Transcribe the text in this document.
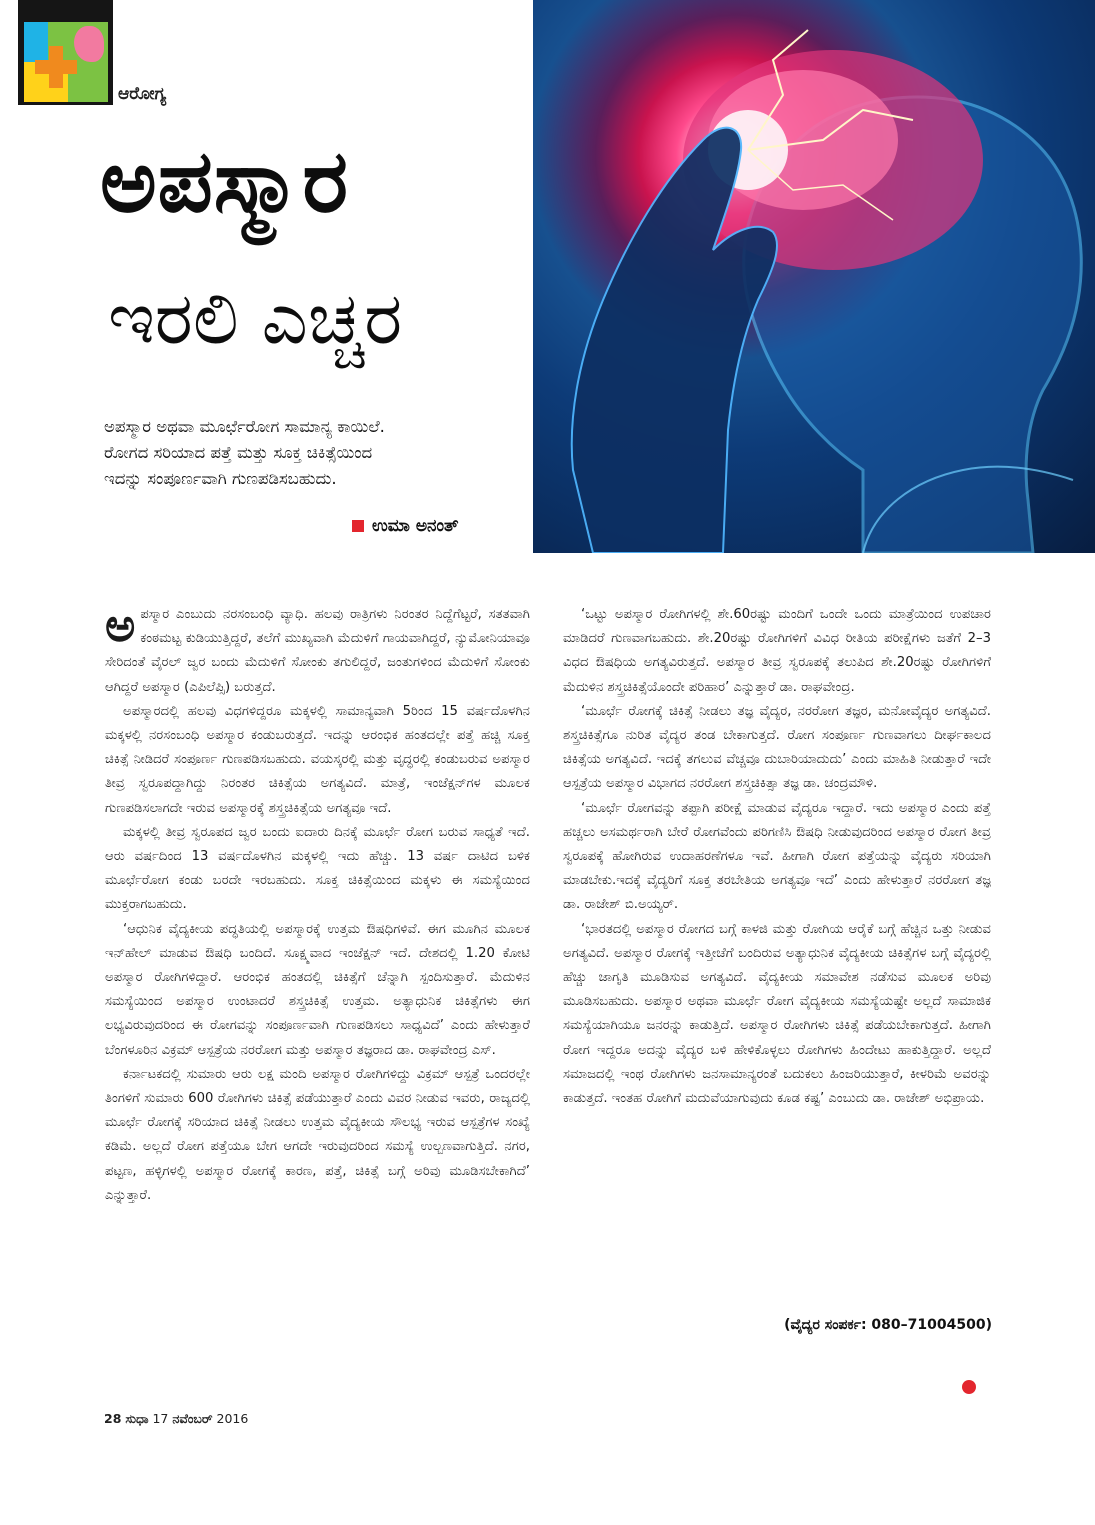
ಆರೋಗ್ಯ
ಅಪಸ್ಮಾರ
ಇರಲಿ ಎಚ್ಚರ

ಅಪಸ್ಮಾರ ಅಥವಾ ಮೂರ್ಛೆರೋಗ ಸಾಮಾನ್ಯ ಕಾಯಿಲೆ.

ರೋಗದ ಸರಿಯಾದ ಪತ್ತೆ ಮತ್ತು ಸೂಕ್ತ ಚಿಕಿತ್ಸೆಯಿಂದ

ಇದನ್ನು ಸಂಪೂರ್ಣವಾಗಿ ಗುಣಪಡಿಸಬಹುದು.

ಉಮಾ ಅನಂತ್

ಅಪಸ್ಮಾರ ಎಂಬುದು ನರಸಂಬಂಧಿ ವ್ಯಾಧಿ. ಹಲವು ರಾತ್ರಿಗಳು ನಿರಂತರ ನಿದ್ದೆಗೆಟ್ಟರೆ, ಸತತವಾಗಿ ಕಂಠಮಟ್ಟ ಕುಡಿಯುತ್ತಿದ್ದರೆ, ತಲೆಗೆ ಮುಖ್ಯವಾಗಿ ಮೆದುಳಿಗೆ ಗಾಯವಾಗಿದ್ದರೆ, ನ್ಯುಮೋನಿಯಾವೂ ಸೇರಿದಂತೆ ವೈರಲ್ ಜ್ವರ ಬಂದು ಮೆದುಳಿಗೆ ಸೋಂಕು ತಗುಲಿದ್ದರೆ, ಜಂತುಗಳಿಂದ ಮೆದುಳಿಗೆ ಸೋಂಕು ಆಗಿದ್ದರೆ ಅಪಸ್ಮಾರ (ಎಪಿಲೆಪ್ಸಿ) ಬರುತ್ತದೆ.

ಅಪಸ್ಮಾರದಲ್ಲಿ ಹಲವು ವಿಧಗಳಿದ್ದರೂ ಮಕ್ಕಳಲ್ಲಿ ಸಾಮಾನ್ಯವಾಗಿ 5ರಿಂದ 15 ವರ್ಷದೊಳಗಿನ ಮಕ್ಕಳಲ್ಲಿ ನರಸಂಬಂಧಿ ಅಪಸ್ಮಾರ ಕಂಡುಬರುತ್ತದೆ. ಇದನ್ನು ಆರಂಭಿಕ ಹಂತದಲ್ಲೇ ಪತ್ತೆ ಹಚ್ಚಿ ಸೂಕ್ತ ಚಿಕಿತ್ಸೆ ನೀಡಿದರೆ ಸಂಪೂರ್ಣ ಗುಣಪಡಿಸಬಹುದು. ವಯಸ್ಕರಲ್ಲಿ ಮತ್ತು ವೃದ್ಧರಲ್ಲಿ ಕಂಡುಬರುವ ಅಪಸ್ಮಾರ ತೀವ್ರ ಸ್ವರೂಪದ್ದಾಗಿದ್ದು ನಿರಂತರ ಚಿಕಿತ್ಸೆಯ ಅಗತ್ಯವಿದೆ. ಮಾತ್ರೆ, ಇಂಜೆಕ್ಷನ್‌ಗಳ ಮೂಲಕ ಗುಣಪಡಿಸಲಾಗದೇ ಇರುವ ಅಪಸ್ಮಾರಕ್ಕೆ ಶಸ್ತ್ರಚಿಕಿತ್ಸೆಯ ಅಗತ್ಯವೂ ಇದೆ.

ಮಕ್ಕಳಲ್ಲಿ ತೀವ್ರ ಸ್ವರೂಪದ ಜ್ವರ ಬಂದು ಐದಾರು ದಿನಕ್ಕೆ ಮೂರ್ಛೆ ರೋಗ ಬರುವ ಸಾಧ್ಯತೆ ಇದೆ. ಆರು ವರ್ಷದಿಂದ 13 ವರ್ಷದೊಳಗಿನ ಮಕ್ಕಳಲ್ಲಿ ಇದು ಹೆಚ್ಚು. 13 ವರ್ಷ ದಾಟಿದ ಬಳಿಕ ಮೂರ್ಛೆರೋಗ ಕಂಡು ಬರದೇ ಇರಬಹುದು. ಸೂಕ್ತ ಚಿಕಿತ್ಸೆಯಿಂದ ಮಕ್ಕಳು ಈ ಸಮಸ್ಯೆಯಿಂದ ಮುಕ್ತರಾಗಬಹುದು.

‘ಆಧುನಿಕ ವೈದ್ಯಕೀಯ ಪದ್ಧತಿಯಲ್ಲಿ ಅಪಸ್ಮಾರಕ್ಕೆ ಉತ್ತಮ ಔಷಧಿಗಳಿವೆ. ಈಗ ಮೂಗಿನ ಮೂಲಕ ಇನ್‌ಹೇಲ್ ಮಾಡುವ ಔಷಧಿ ಬಂದಿದೆ. ಸೂಕ್ಷ್ಮವಾದ ಇಂಜೆಕ್ಷನ್ ಇದೆ. ದೇಶದಲ್ಲಿ 1.20 ಕೋಟಿ ಅಪಸ್ಮಾರ ರೋಗಿಗಳಿದ್ದಾರೆ. ಆರಂಭಿಕ ಹಂತದಲ್ಲಿ ಚಿಕಿತ್ಸೆಗೆ ಚೆನ್ನಾಗಿ ಸ್ಪಂದಿಸುತ್ತಾರೆ. ಮೆದುಳಿನ ಸಮಸ್ಯೆಯಿಂದ ಅಪಸ್ಮಾರ ಉಂಟಾದರೆ ಶಸ್ತ್ರಚಿಕಿತ್ಸೆ ಉತ್ತಮ. ಅತ್ಯಾಧುನಿಕ ಚಿಕಿತ್ಸೆಗಳು ಈಗ ಲಭ್ಯವಿರುವುದರಿಂದ ಈ ರೋಗವನ್ನು ಸಂಪೂರ್ಣವಾಗಿ ಗುಣಪಡಿಸಲು ಸಾಧ್ಯವಿದೆ’ ಎಂದು ಹೇಳುತ್ತಾರೆ ಬೆಂಗಳೂರಿನ ವಿಕ್ರಮ್ ಆಸ್ಪತ್ರೆಯ ನರರೋಗ ಮತ್ತು ಅಪಸ್ಮಾರ ತಜ್ಞರಾದ ಡಾ. ರಾಘವೇಂದ್ರ ಎಸ್.

ಕರ್ನಾಟಕದಲ್ಲಿ ಸುಮಾರು ಆರು ಲಕ್ಷ ಮಂದಿ ಅಪಸ್ಮಾರ ರೋಗಿಗಳಿದ್ದು ವಿಕ್ರಮ್ ಆಸ್ಪತ್ರೆ ಒಂದರಲ್ಲೇ ತಿಂಗಳಿಗೆ ಸುಮಾರು 600 ರೋಗಿಗಳು ಚಿಕಿತ್ಸೆ ಪಡೆಯುತ್ತಾರೆ ಎಂದು ವಿವರ ನೀಡುವ ಇವರು, ರಾಜ್ಯದಲ್ಲಿ ಮೂರ್ಛೆ ರೋಗಕ್ಕೆ ಸರಿಯಾದ ಚಿಕಿತ್ಸೆ ನೀಡಲು ಉತ್ತಮ ವೈದ್ಯಕೀಯ ಸೌಲಭ್ಯ ಇರುವ ಆಸ್ಪತ್ರೆಗಳ ಸಂಖ್ಯೆ ಕಡಿಮೆ. ಅಲ್ಲದೆ ರೋಗ ಪತ್ತೆಯೂ ಬೇಗ ಆಗದೇ ಇರುವುದರಿಂದ ಸಮಸ್ಯೆ ಉಲ್ಬಣವಾಗುತ್ತಿದೆ. ನಗರ, ಪಟ್ಟಣ, ಹಳ್ಳಿಗಳಲ್ಲಿ ಅಪಸ್ಮಾರ ರೋಗಕ್ಕೆ ಕಾರಣ, ಪತ್ತೆ, ಚಿಕಿತ್ಸೆ ಬಗ್ಗೆ ಅರಿವು ಮೂಡಿಸಬೇಕಾಗಿದೆ’ ಎನ್ನುತ್ತಾರೆ.

‘ಒಟ್ಟು ಅಪಸ್ಮಾರ ರೋಗಿಗಳಲ್ಲಿ ಶೇ.60ರಷ್ಟು ಮಂದಿಗೆ ಒಂದೇ ಒಂದು ಮಾತ್ರೆಯಿಂದ ಉಪಚಾರ ಮಾಡಿದರೆ ಗುಣವಾಗಬಹುದು. ಶೇ.20ರಷ್ಟು ರೋಗಿಗಳಿಗೆ ವಿವಿಧ ರೀತಿಯ ಪರೀಕ್ಷೆಗಳು ಜತೆಗೆ 2–3 ವಿಧದ ಔಷಧಿಯ ಅಗತ್ಯವಿರುತ್ತದೆ. ಅಪಸ್ಮಾರ ತೀವ್ರ ಸ್ವರೂಪಕ್ಕೆ ತಲುಪಿದ ಶೇ.20ರಷ್ಟು ರೋಗಿಗಳಿಗೆ ಮೆದುಳಿನ ಶಸ್ತ್ರಚಿಕಿತ್ಸೆಯೊಂದೇ ಪರಿಹಾರ’ ಎನ್ನುತ್ತಾರೆ ಡಾ. ರಾಘವೇಂದ್ರ.

‘ಮೂರ್ಛೆ ರೋಗಕ್ಕೆ ಚಿಕಿತ್ಸೆ ನೀಡಲು ತಜ್ಞ ವೈದ್ಯರ, ನರರೋಗ ತಜ್ಞರ, ಮನೋವೈದ್ಯರ ಅಗತ್ಯವಿದೆ. ಶಸ್ತ್ರಚಿಕಿತ್ಸೆಗೂ ನುರಿತ ವೈದ್ಯರ ತಂಡ ಬೇಕಾಗುತ್ತದೆ. ರೋಗ ಸಂಪೂರ್ಣ ಗುಣವಾಗಲು ದೀರ್ಘಕಾಲದ ಚಿಕಿತ್ಸೆಯ ಅಗತ್ಯವಿದೆ. ಇದಕ್ಕೆ ತಗಲುವ ವೆಚ್ಚವೂ ದುಬಾರಿಯಾದುದು’ ಎಂದು ಮಾಹಿತಿ ನೀಡುತ್ತಾರೆ ಇದೇ ಆಸ್ಪತ್ರೆಯ ಅಪಸ್ಮಾರ ವಿಭಾಗದ ನರರೋಗ ಶಸ್ತ್ರಚಿಕಿತ್ಸಾ ತಜ್ಞ ಡಾ. ಚಂದ್ರಮೌಳಿ.

‘ಮೂರ್ಛೆ ರೋಗವನ್ನು ತಪ್ಪಾಗಿ ಪರೀಕ್ಷೆ ಮಾಡುವ ವೈದ್ಯರೂ ಇದ್ದಾರೆ. ಇದು ಅಪಸ್ಮಾರ ಎಂದು ಪತ್ತೆ ಹಚ್ಚಲು ಅಸಮರ್ಥರಾಗಿ ಬೇರೆ ರೋಗವೆಂದು ಪರಿಗಣಿಸಿ ಔಷಧಿ ನೀಡುವುದರಿಂದ ಅಪಸ್ಮಾರ ರೋಗ ತೀವ್ರ ಸ್ವರೂಪಕ್ಕೆ ಹೋಗಿರುವ ಉದಾಹರಣೆಗಳೂ ಇವೆ. ಹೀಗಾಗಿ ರೋಗ ಪತ್ತೆಯನ್ನು ವೈದ್ಯರು ಸರಿಯಾಗಿ ಮಾಡಬೇಕು.ಇದಕ್ಕೆ ವೈದ್ಯರಿಗೆ ಸೂಕ್ತ ತರಬೇತಿಯ ಅಗತ್ಯವೂ ಇದೆ’ ಎಂದು ಹೇಳುತ್ತಾರೆ ನರರೋಗ ತಜ್ಞ ಡಾ. ರಾಜೇಶ್ ಬಿ.ಅಯ್ಯರ್.

‘ಭಾರತದಲ್ಲಿ ಅಪಸ್ಮಾರ ರೋಗದ ಬಗ್ಗೆ ಕಾಳಜಿ ಮತ್ತು ರೋಗಿಯ ಆರೈಕೆ ಬಗ್ಗೆ ಹೆಚ್ಚಿನ ಒತ್ತು ನೀಡುವ ಅಗತ್ಯವಿದೆ. ಅಪಸ್ಮಾರ ರೋಗಕ್ಕೆ ಇತ್ತೀಚೆಗೆ ಬಂದಿರುವ ಅತ್ಯಾಧುನಿಕ ವೈದ್ಯಕೀಯ ಚಿಕಿತ್ಸೆಗಳ ಬಗ್ಗೆ ವೈದ್ಯರಲ್ಲಿ ಹೆಚ್ಚು ಜಾಗೃತಿ ಮೂಡಿಸುವ ಅಗತ್ಯವಿದೆ. ವೈದ್ಯಕೀಯ ಸಮಾವೇಶ ನಡೆಸುವ ಮೂಲಕ ಅರಿವು ಮೂಡಿಸಬಹುದು. ಅಪಸ್ಮಾರ ಅಥವಾ ಮೂರ್ಛೆ ರೋಗ ವೈದ್ಯಕೀಯ ಸಮಸ್ಯೆಯಷ್ಟೇ ಅಲ್ಲದೆ ಸಾಮಾಜಿಕ ಸಮಸ್ಯೆಯಾಗಿಯೂ ಜನರನ್ನು ಕಾಡುತ್ತಿದೆ. ಅಪಸ್ಮಾರ ರೋಗಿಗಳು ಚಿಕಿತ್ಸೆ ಪಡೆಯಬೇಕಾಗುತ್ತದೆ. ಹೀಗಾಗಿ ರೋಗ ಇದ್ದರೂ ಅದನ್ನು ವೈದ್ಯರ ಬಳಿ ಹೇಳಿಕೊಳ್ಳಲು ರೋಗಿಗಳು ಹಿಂದೇಟು ಹಾಕುತ್ತಿದ್ದಾರೆ. ಅಲ್ಲದೆ ಸಮಾಜದಲ್ಲಿ ಇಂಥ ರೋಗಿಗಳು ಜನಸಾಮಾನ್ಯರಂತೆ ಬದುಕಲು ಹಿಂಜರಿಯುತ್ತಾರೆ, ಕೀಳರಿಮೆ ಅವರನ್ನು ಕಾಡುತ್ತದೆ. ಇಂತಹ ರೋಗಿಗೆ ಮದುವೆಯಾಗುವುದು ಕೂಡ ಕಷ್ಟ’ ಎಂಬುದು ಡಾ. ರಾಜೇಶ್ ಅಭಿಪ್ರಾಯ.

(ವೈದ್ಯರ ಸಂಪರ್ಕ: 080–71004500)
28 ಸುಧಾ 17 ನವೆಂಬರ್ 2016
